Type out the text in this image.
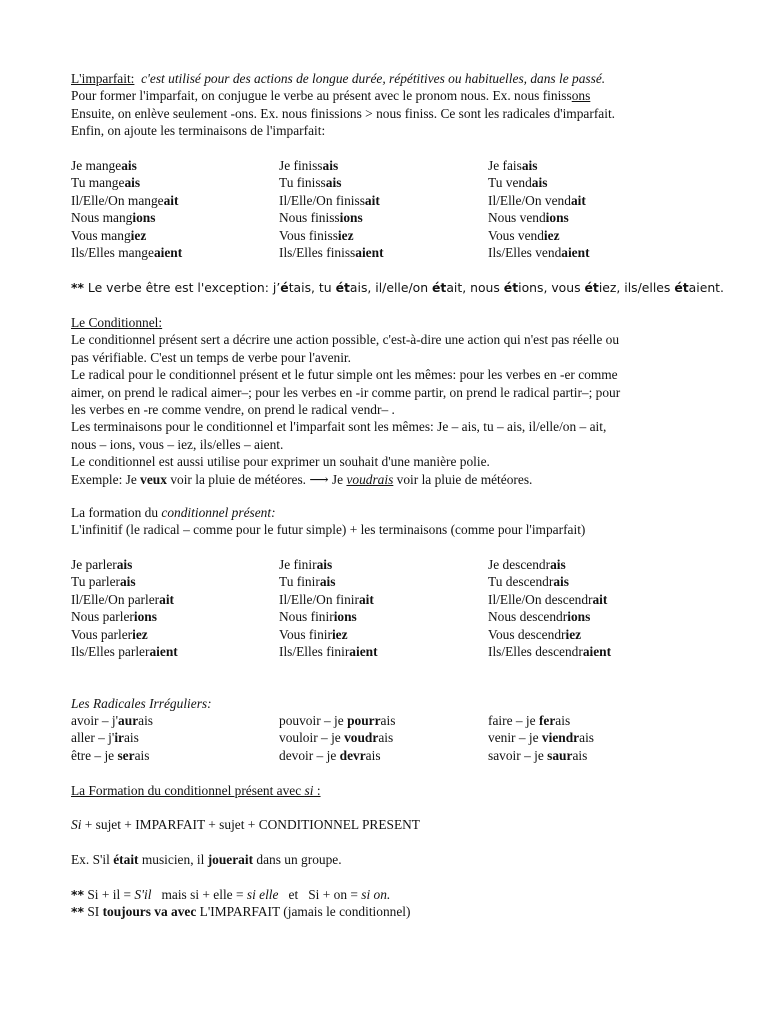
L'imparfait: c'est utilisé pour des actions de longue durée, répétitives ou habituelles, dans le passé.
Pour former l'imparfait, on conjugue le verbe au présent avec le pronom nous. Ex. nous finissons
Ensuite, on enlève seulement -ons. Ex. nous finissions > nous finiss. Ce sont les radicales d'imparfait.
Enfin, on ajoute les terminaisons de l'imparfait:
Je mangeais	Je finissais	Je faisais
Tu mangeais	Tu finissais	Tu vendais
Il/Elle/On mangeait	Il/Elle/On finissait	Il/Elle/On vendait
Nous mangions	Nous finissions	Nous vendions
Vous mangiez	Vous finissiez	Vous vendiez
Ils/Elles mangeaient	Ils/Elles finissaient	Ils/Elles vendaient
** Le verbe être est l'exception: j’étais, tu étais, il/elle/on était, nous étions, vous étiez, ils/elles étaient.
Le Conditionnel:
Le conditionnel présent sert a décrire une action possible, c'est-à-dire une action qui n'est pas réelle ou
pas vérifiable. C'est un temps de verbe pour l'avenir.
Le radical pour le conditionnel présent et le futur simple ont les mêmes: pour les verbes en -er comme
aimer, on prend le radical aimer–; pour les verbes en -ir comme partir, on prend le radical partir–; pour
les verbes en -re comme vendre, on prend le radical vendr– .
Les terminaisons pour le conditionnel et l'imparfait sont les mêmes: Je – ais, tu – ais, il/elle/on – ait,
nous – ions, vous – iez, ils/elles – aient.
Le conditionnel est aussi utilise pour exprimer un souhait d'une manière polie.
Exemple: Je veux voir la pluie de météores. ⟶ Je voudrais voir la pluie de météores.
La formation du conditionnel présent:
L'infinitif (le radical – comme pour le futur simple) + les terminaisons (comme pour l'imparfait)
Je parlerais	Je finirais	Je descendrais
Tu parlerais	Tu finirais	Tu descendrais
Il/Elle/On parlerait	Il/Elle/On finirait	Il/Elle/On descendrait
Nous parlerions	Nous finirions	Nous descendrions
Vous parleriez	Vous finiriez	Vous descendriez
Ils/Elles parleraient	Ils/Elles finiraient	Ils/Elles descendraient
Les Radicales Irréguliers:
avoir – j'aurais	pouvoir – je pourrais	faire – je ferais
aller – j'irais	vouloir – je voudrais	venir – je viendrais
être – je serais	devoir – je devrais	savoir – je saurais
La Formation du conditionnel présent avec si :
Si + sujet + IMPARFAIT + sujet + CONDITIONNEL PRESENT
Ex. S'il était musicien, il jouerait dans un groupe.
** Si + il = S'il   mais si + elle = si elle   et   Si + on = si on.
** SI toujours va avec L'IMPARFAIT (jamais le conditionnel)
